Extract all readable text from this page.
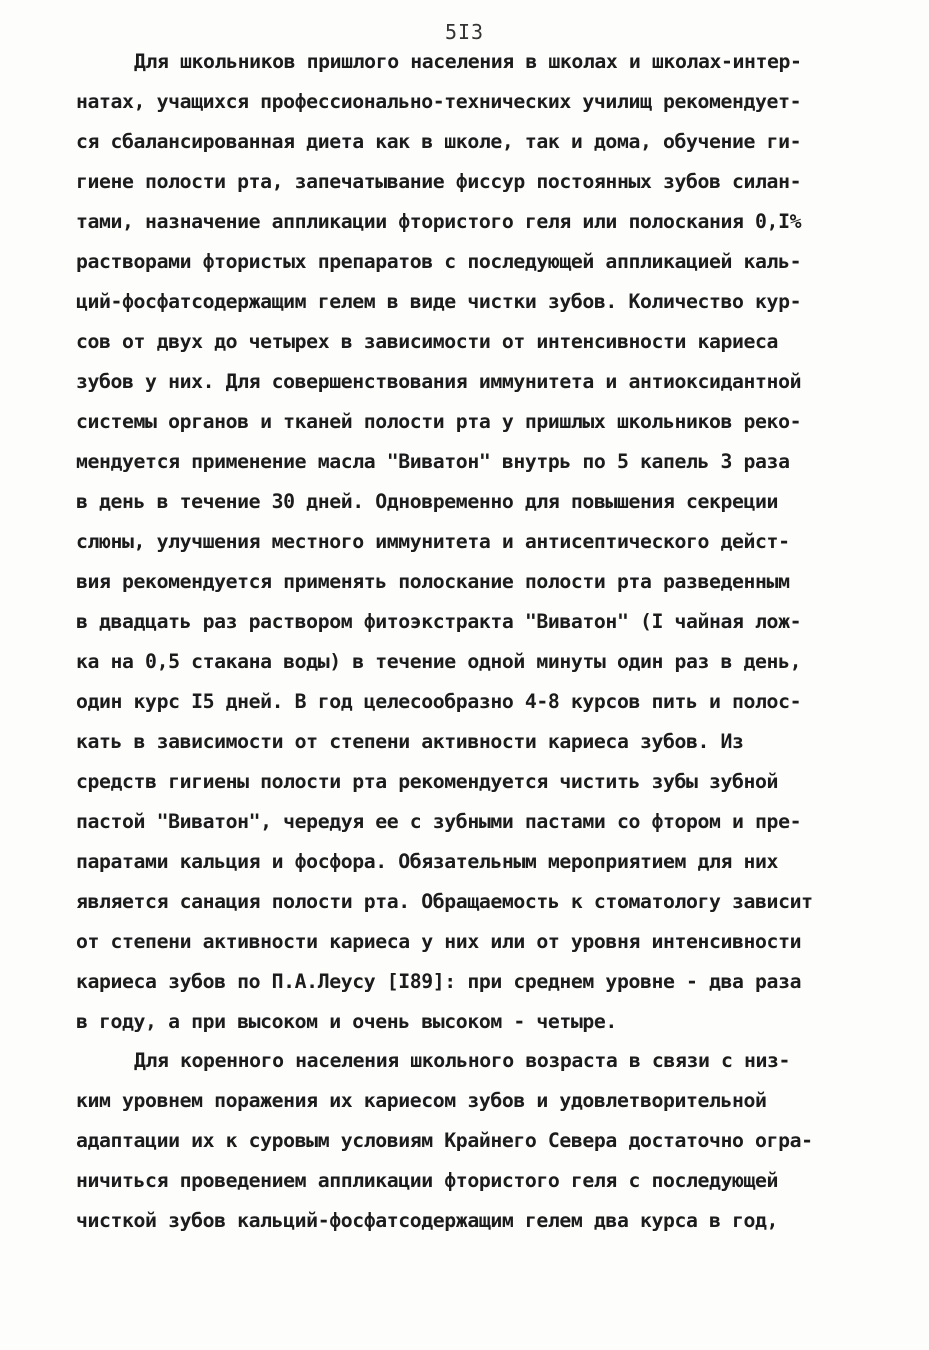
5I3
Для школьников пришлого населения в школах и школах-интер-
натах, учащихся профессионально-технических училищ рекомендует-
ся сбалансированная диета как в школе, так и дома, обучение ги-
гиене полости рта, запечатывание фиссур постоянных зубов силан-
тами, назначение аппликации фтористого геля или полоскания 0,I%
растворами фтористых препаратов с последующей аппликацией каль-
ций-фосфатсодержащим гелем в виде чистки зубов. Количество кур-
сов от двух до четырех в зависимости от интенсивности кариеса
зубов у них. Для совершенствования иммунитета и антиоксидантной
системы органов и тканей полости рта у пришлых школьников реко-
мендуется применение масла "Виватон" внутрь по 5 капель 3 раза
в день в течение 30 дней. Одновременно для повышения секреции
слюны, улучшения местного иммунитета и антисептического дейст-
вия рекомендуется применять полоскание полости рта разведенным
в двадцать раз раствором фитоэкстракта "Виватон" (I чайная лож-
ка на 0,5 стакана воды) в течение одной минуты один раз в день,
один курс I5 дней. В год целесообразно 4-8 курсов пить и полос-
кать в зависимости от степени активности кариеса зубов. Из
средств гигиены полости рта рекомендуется чистить зубы зубной
пастой "Виватон", чередуя ее с зубными пастами со фтором и пре-
паратами кальция и фосфора. Обязательным мероприятием для них
является санация полости рта. Обращаемость к стоматологу зависит
от степени активности кариеса у них или от уровня интенсивности
кариеса зубов по П.А.Леусу [I89]: при среднем уровне - два раза
в году, а при высоком и очень высоком - четыре.
Для коренного населения школьного возраста в связи с низ-
ким уровнем поражения их кариесом зубов и удовлетворительной
адаптации их к суровым условиям Крайнего Севера достаточно огра-
ничиться проведением аппликации фтористого геля с последующей
чисткой зубов кальций-фосфатсодержащим гелем два курса в год,
